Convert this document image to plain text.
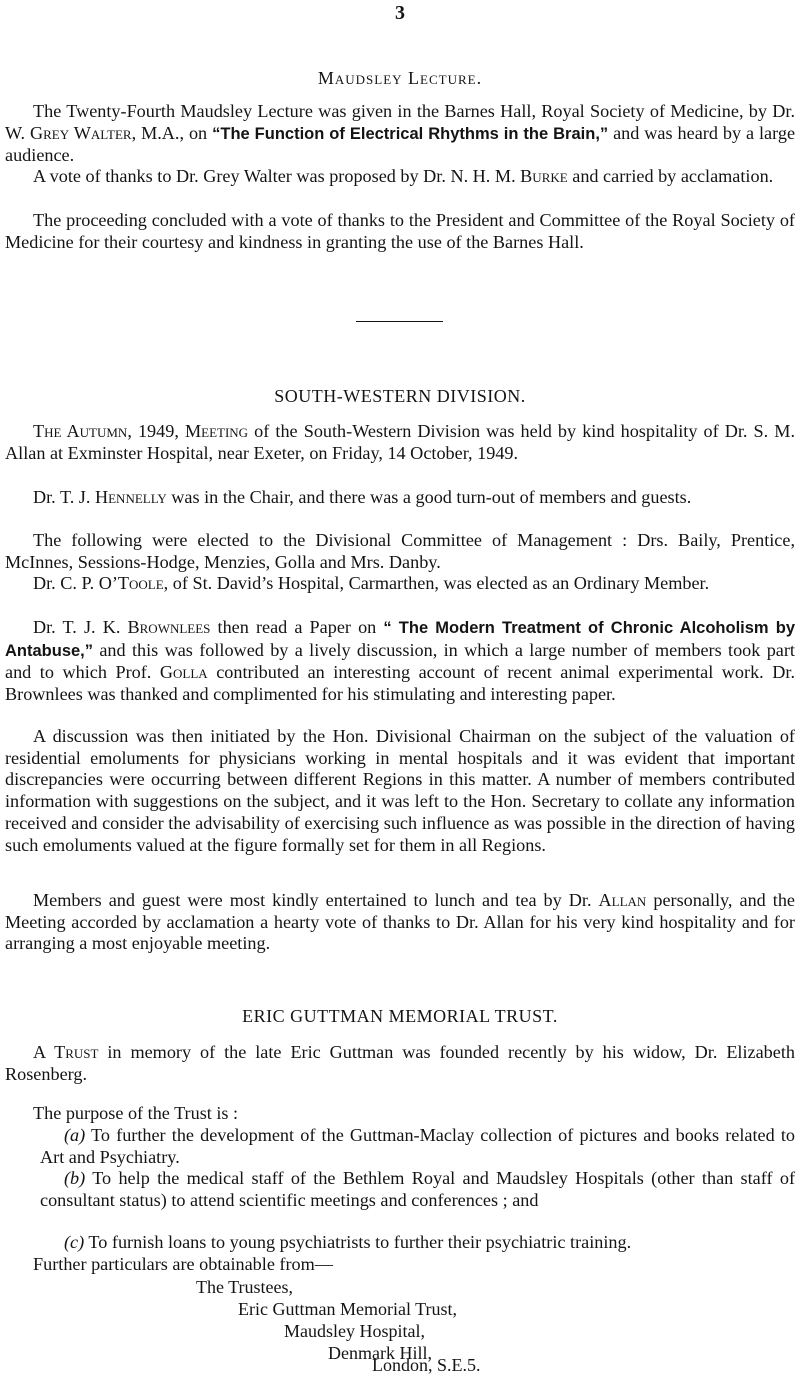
3
Maudsley Lecture.

The Twenty-Fourth Maudsley Lecture was given in the Barnes Hall, Royal Society of Medicine, by Dr. W. Grey Walter, M.A., on “The Function of Electrical Rhythms in the Brain,” and was heard by a large audience.

A vote of thanks to Dr. Grey Walter was proposed by Dr. N. H. M. Burke and carried by acclamation.

The proceeding concluded with a vote of thanks to the President and Committee of the Royal Society of Medicine for their courtesy and kindness in granting the use of the Barnes Hall.

SOUTH-WESTERN DIVISION.

The Autumn, 1949, Meeting of the South-Western Division was held by kind hospitality of Dr. S. M. Allan at Exminster Hospital, near Exeter, on Friday, 14 October, 1949.

Dr. T. J. Hennelly was in the Chair, and there was a good turn-out of members and guests.

The following were elected to the Divisional Committee of Management : Drs. Baily, Prentice, McInnes, Sessions-Hodge, Menzies, Golla and Mrs. Danby.

Dr. C. P. O’Toole, of St. David’s Hospital, Carmarthen, was elected as an Ordinary Member.

Dr. T. J. K. Brownlees then read a Paper on “ The Modern Treatment of Chronic Alcoholism by Antabuse,” and this was followed by a lively discussion, in which a large number of members took part and to which Prof. Golla contributed an interesting account of recent animal experimental work. Dr. Brownlees was thanked and complimented for his stimulating and interesting paper.

A discussion was then initiated by the Hon. Divisional Chairman on the subject of the valuation of residential emoluments for physicians working in mental hospitals and it was evident that important discrepancies were occurring between different Regions in this matter. A number of members contributed information with suggestions on the subject, and it was left to the Hon. Secretary to collate any information received and consider the advisability of exercising such influence as was possible in the direction of having such emoluments valued at the figure formally set for them in all Regions.

Members and guest were most kindly entertained to lunch and tea by Dr. Allan personally, and the Meeting accorded by acclamation a hearty vote of thanks to Dr. Allan for his very kind hospitality and for arranging a most enjoyable meeting.

ERIC GUTTMAN MEMORIAL TRUST.

A Trust in memory of the late Eric Guttman was founded recently by his widow, Dr. Elizabeth Rosenberg.

The purpose of the Trust is :

(a) To further the development of the Guttman-Maclay collection of pictures and books related to Art and Psychiatry.

(b) To help the medical staff of the Bethlem Royal and Maudsley Hospitals (other than staff of consultant status) to attend scientific meetings and conferences ; and

(c) To furnish loans to young psychiatrists to further their psychiatric training.

Further particulars are obtainable from—

The Trustees,
Eric Guttman Memorial Trust,
Maudsley Hospital,
Denmark Hill,
London, S.E.5.
